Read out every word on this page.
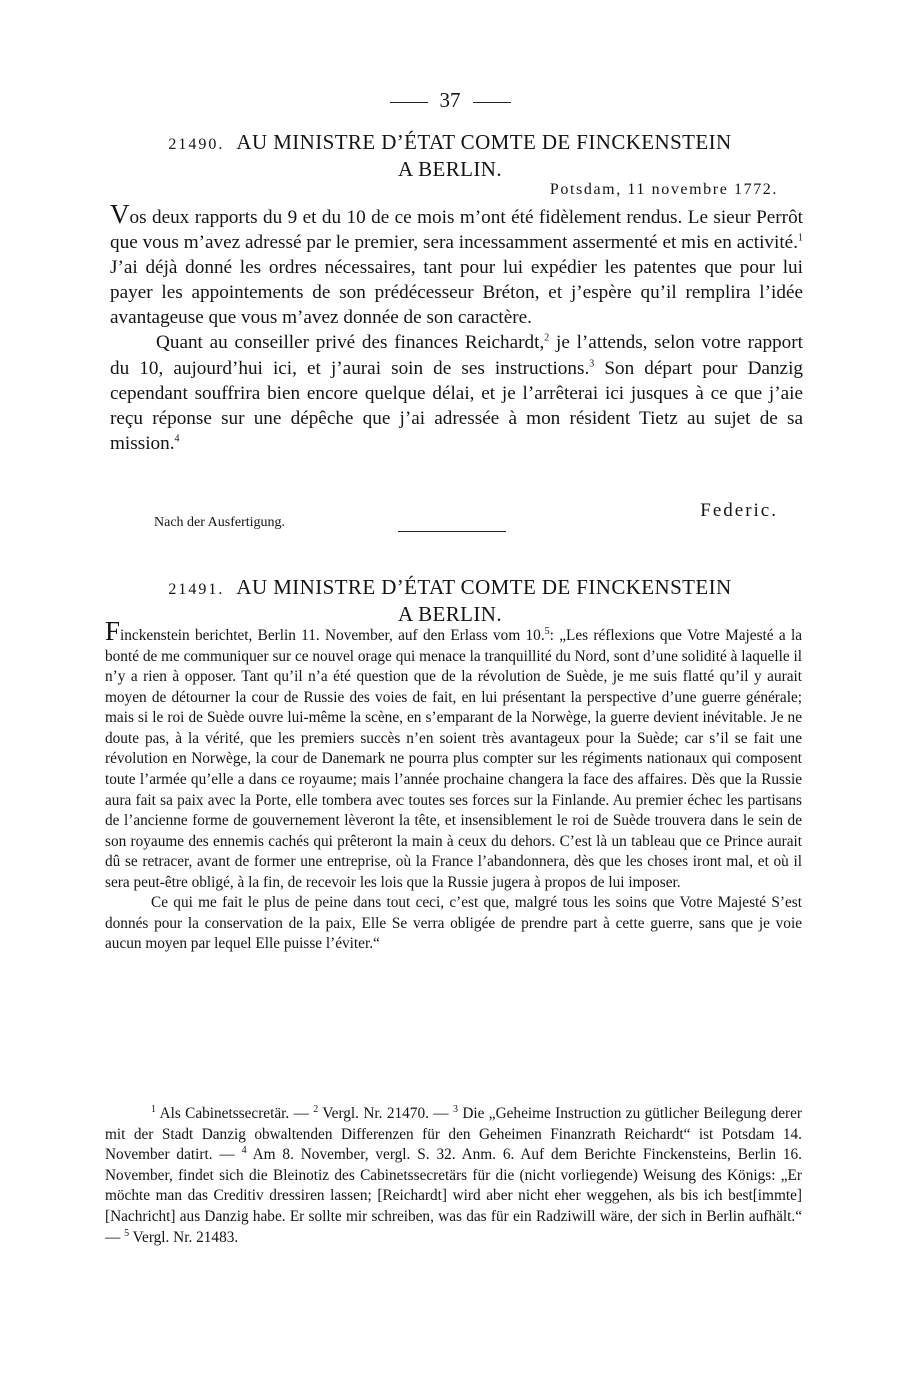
37
21490. AU MINISTRE D’ÉTAT COMTE DE FINCKENSTEIN
A BERLIN.
Potsdam, 11 novembre 1772.

Vos deux rapports du 9 et du 10 de ce mois m’ont été fidèlement rendus. Le sieur Perrôt que vous m’avez adressé par le premier, sera incessamment assermenté et mis en activité.$^1$ J’ai déjà donné les ordres nécessaires, tant pour lui expédier les patentes que pour lui payer les appointements de son prédécesseur Bréton, et j’espère qu’il remplira l’idée avantageuse que vous m’avez donnée de son caractère.

Quant au conseiller privé des finances Reichardt,$^2$ je l’attends, selon votre rapport du 10, aujourd’hui ici, et j’aurai soin de ses instructions.$^3$ Son départ pour Danzig cependant souffrira bien encore quelque délai, et je l’arrêterai ici jusques à ce que j’aie reçu réponse sur une dépêche que j’ai adressée à mon résident Tietz au sujet de sa mission.$^4$

Federic.
Nach der Ausfertigung.
21491. AU MINISTRE D’ÉTAT COMTE DE FINCKENSTEIN
A BERLIN.

Finckenstein berichtet, Berlin 11. November, auf den Erlass vom 10.$^5$: „Les réflexions que Votre Majesté a la bonté de me communiquer sur ce nouvel orage qui menace la tranquillité du Nord, sont d’une solidité à laquelle il n’y a rien à opposer. Tant qu’il n’a été question que de la révolution de Suède, je me suis flatté qu’il y aurait moyen de détourner la cour de Russie des voies de fait, en lui présentant la perspective d’une guerre générale; mais si le roi de Suède ouvre lui-même la scène, en s’emparant de la Norwège, la guerre devient inévitable. Je ne doute pas, à la vérité, que les premiers succès n’en soient très avantageux pour la Suède; car s’il se fait une révolution en Norwège, la cour de Danemark ne pourra plus compter sur les régiments nationaux qui composent toute l’armée qu’elle a dans ce royaume; mais l’année prochaine changera la face des affaires. Dès que la Russie aura fait sa paix avec la Porte, elle tombera avec toutes ses forces sur la Finlande. Au premier échec les partisans de l’ancienne forme de gouvernement lèveront la tête, et insensiblement le roi de Suède trouvera dans le sein de son royaume des ennemis cachés qui prêteront la main à ceux du dehors. C’est là un tableau que ce Prince aurait dû se retracer, avant de former une entreprise, où la France l’abandonnera, dès que les choses iront mal, et où il sera peut-être obligé, à la fin, de recevoir les lois que la Russie jugera à propos de lui imposer.

Ce qui me fait le plus de peine dans tout ceci, c’est que, malgré tous les soins que Votre Majesté S’est donnés pour la conservation de la paix, Elle Se verra obligée de prendre part à cette guerre, sans que je voie aucun moyen par lequel Elle puisse l’éviter.“

$^1$ Als Cabinetssecretär. — $^2$ Vergl. Nr. 21470. — $^3$ Die „Geheime Instruction zu gütlicher Beilegung derer mit der Stadt Danzig obwaltenden Differenzen für den Geheimen Finanzrath Reichardt“ ist Potsdam 14. November datirt. — $^4$ Am 8. November, vergl. S. 32. Anm. 6. Auf dem Berichte Finckensteins, Berlin 16. November, findet sich die Bleinotiz des Cabinetssecretärs für die (nicht vorliegende) Weisung des Königs: „Er möchte man das Creditiv dressiren lassen; [Reichardt] wird aber nicht eher weggehen, als bis ich best[immte] [Nachricht] aus Danzig habe. Er sollte mir schreiben, was das für ein Radziwill wäre, der sich in Berlin aufhält.“ — $^5$ Vergl. Nr. 21483.
